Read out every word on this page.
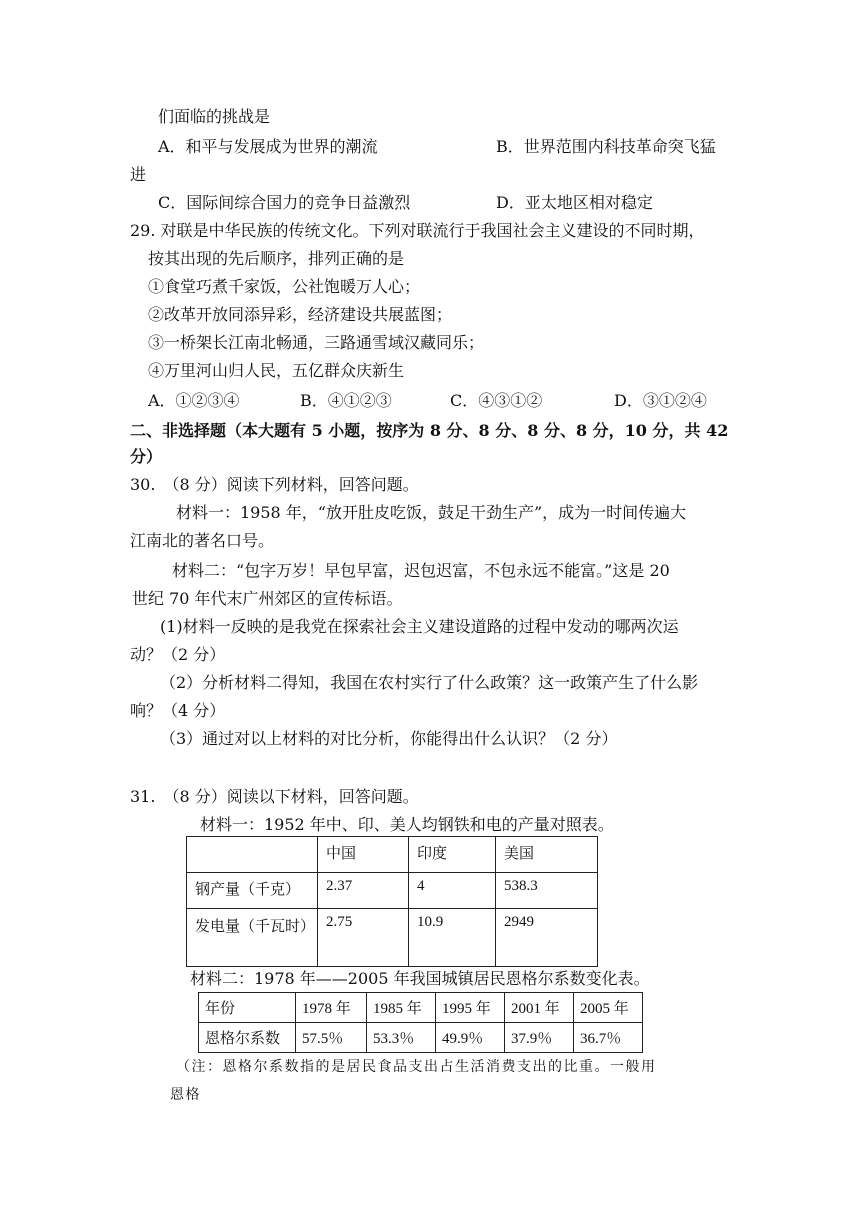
们面临的挑战是
A．和平与发展成为世界的潮流	B．世界范围内科技革命突飞猛
进
C．国际间综合国力的竞争日益激烈	D．亚太地区相对稳定
29. 对联是中华民族的传统文化。下列对联流行于我国社会主义建设的不同时期，
按其出现的先后顺序，排列正确的是
①食堂巧煮千家饭，公社饱暖万人心；
②改革开放同添异彩，经济建设共展蓝图；
③一桥架长江南北畅通，三路通雪域汉藏同乐；
④万里河山归人民，五亿群众庆新生
A．①②③④	B．④①②③	C．④③①②	D．③①②④
二、非选择题（本大题有 5 小题，按序为 8 分、8 分、8 分、8 分，10 分，共 42
分）
30.　（8 分）阅读下列材料，回答问题。
材料一：1958 年，“放开肚皮吃饭，鼓足干劲生产”，成为一时间传遍大
江南北的著名口号。
材料二：“包字万岁！早包早富，迟包迟富，不包永远不能富。”这是 20
世纪 70 年代末广州郊区的宣传标语。
(1)材料一反映的是我党在探索社会主义建设道路的过程中发动的哪两次运
动？（2 分）
（2）分析材料二得知，我国在农村实行了什么政策？这一政策产生了什么影
响？（4 分）
（3）通过对以上材料的对比分析，你能得出什么认识？（2 分）
31.　（8 分）阅读以下材料，回答问题。
材料一：1952 年中、印、美人均钢铁和电的产量对照表。
	中国	印度	美国
钢产量（千克）	2.37	4	538.3
发电量（千瓦时）	2.75	10.9	2949
材料二：1978 年——2005 年我国城镇居民恩格尔系数变化表。
年份	1978 年	1985 年	1995 年	2001 年	2005 年
恩格尔系数	57.5％	53.3％	49.9％	37.9％	36.7％
（注：恩格尔系数指的是居民食品支出占生活消费支出的比重。一般用
恩格
